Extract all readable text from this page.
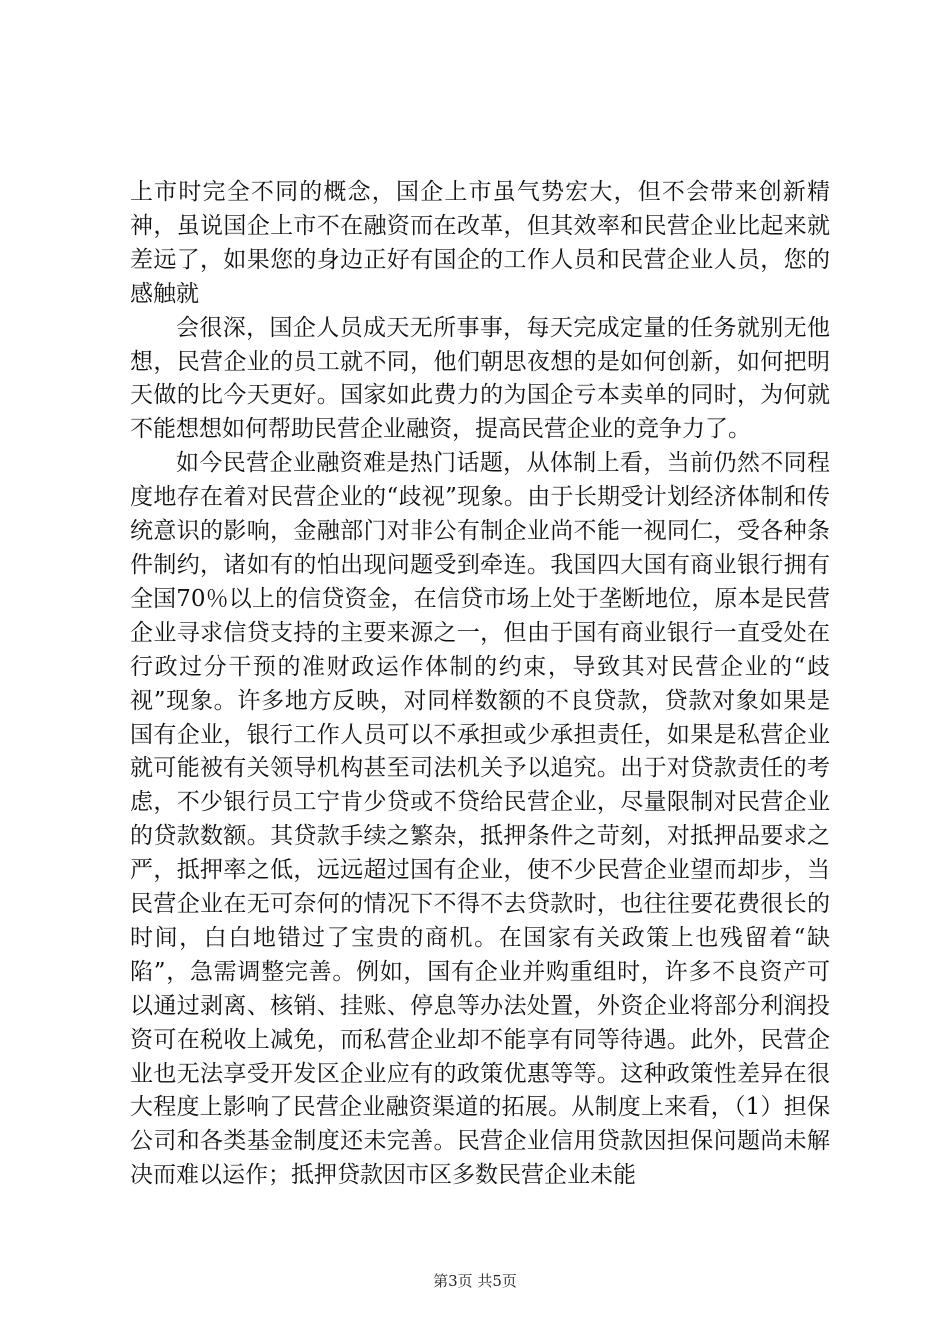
上市时完全不同的概念，国企上市虽气势宏大，但不会带来创新精神，虽说国企上市不在融资而在改革，但其效率和民营企业比起来就差远了，如果您的身边正好有国企的工作人员和民营企业人员，您的感触就

会很深，国企人员成天无所事事，每天完成定量的任务就别无他想，民营企业的员工就不同，他们朝思夜想的是如何创新，如何把明天做的比今天更好。国家如此费力的为国企亏本卖单的同时，为何就不能想想如何帮助民营企业融资，提高民营企业的竞争力了。

如今民营企业融资难是热门话题，从体制上看，当前仍然不同程度地存在着对民营企业的“歧视”现象。由于长期受计划经济体制和传统意识的影响，金融部门对非公有制企业尚不能一视同仁，受各种条件制约，诸如有的怕出现问题受到牵连。我国四大国有商业银行拥有全国70％以上的信贷资金，在信贷市场上处于垄断地位，原本是民营企业寻求信贷支持的主要来源之一，但由于国有商业银行一直受处在行政过分干预的准财政运作体制的约束，导致其对民营企业的“歧视”现象。许多地方反映，对同样数额的不良贷款，贷款对象如果是国有企业，银行工作人员可以不承担或少承担责任，如果是私营企业就可能被有关领导机构甚至司法机关予以追究。出于对贷款责任的考虑，不少银行员工宁肯少贷或不贷给民营企业，尽量限制对民营企业的贷款数额。其贷款手续之繁杂，抵押条件之苛刻，对抵押品要求之严，抵押率之低，远远超过国有企业，使不少民营企业望而却步，当民营企业在无可奈何的情况下不得不去贷款时，也往往要花费很长的时间，白白地错过了宝贵的商机。在国家有关政策上也残留着“缺陷”，急需调整完善。例如，国有企业并购重组时，许多不良资产可以通过剥离、核销、挂账、停息等办法处置，外资企业将部分利润投资可在税收上减免，而私营企业却不能享有同等待遇。此外，民营企业也无法享受开发区企业应有的政策优惠等等。这种政策性差异在很大程度上影响了民营企业融资渠道的拓展。从制度上来看，（1）担保公司和各类基金制度还未完善。民营企业信用贷款因担保问题尚未解决而难以运作；抵押贷款因市区多数民营企业未能

第3页 共5页
